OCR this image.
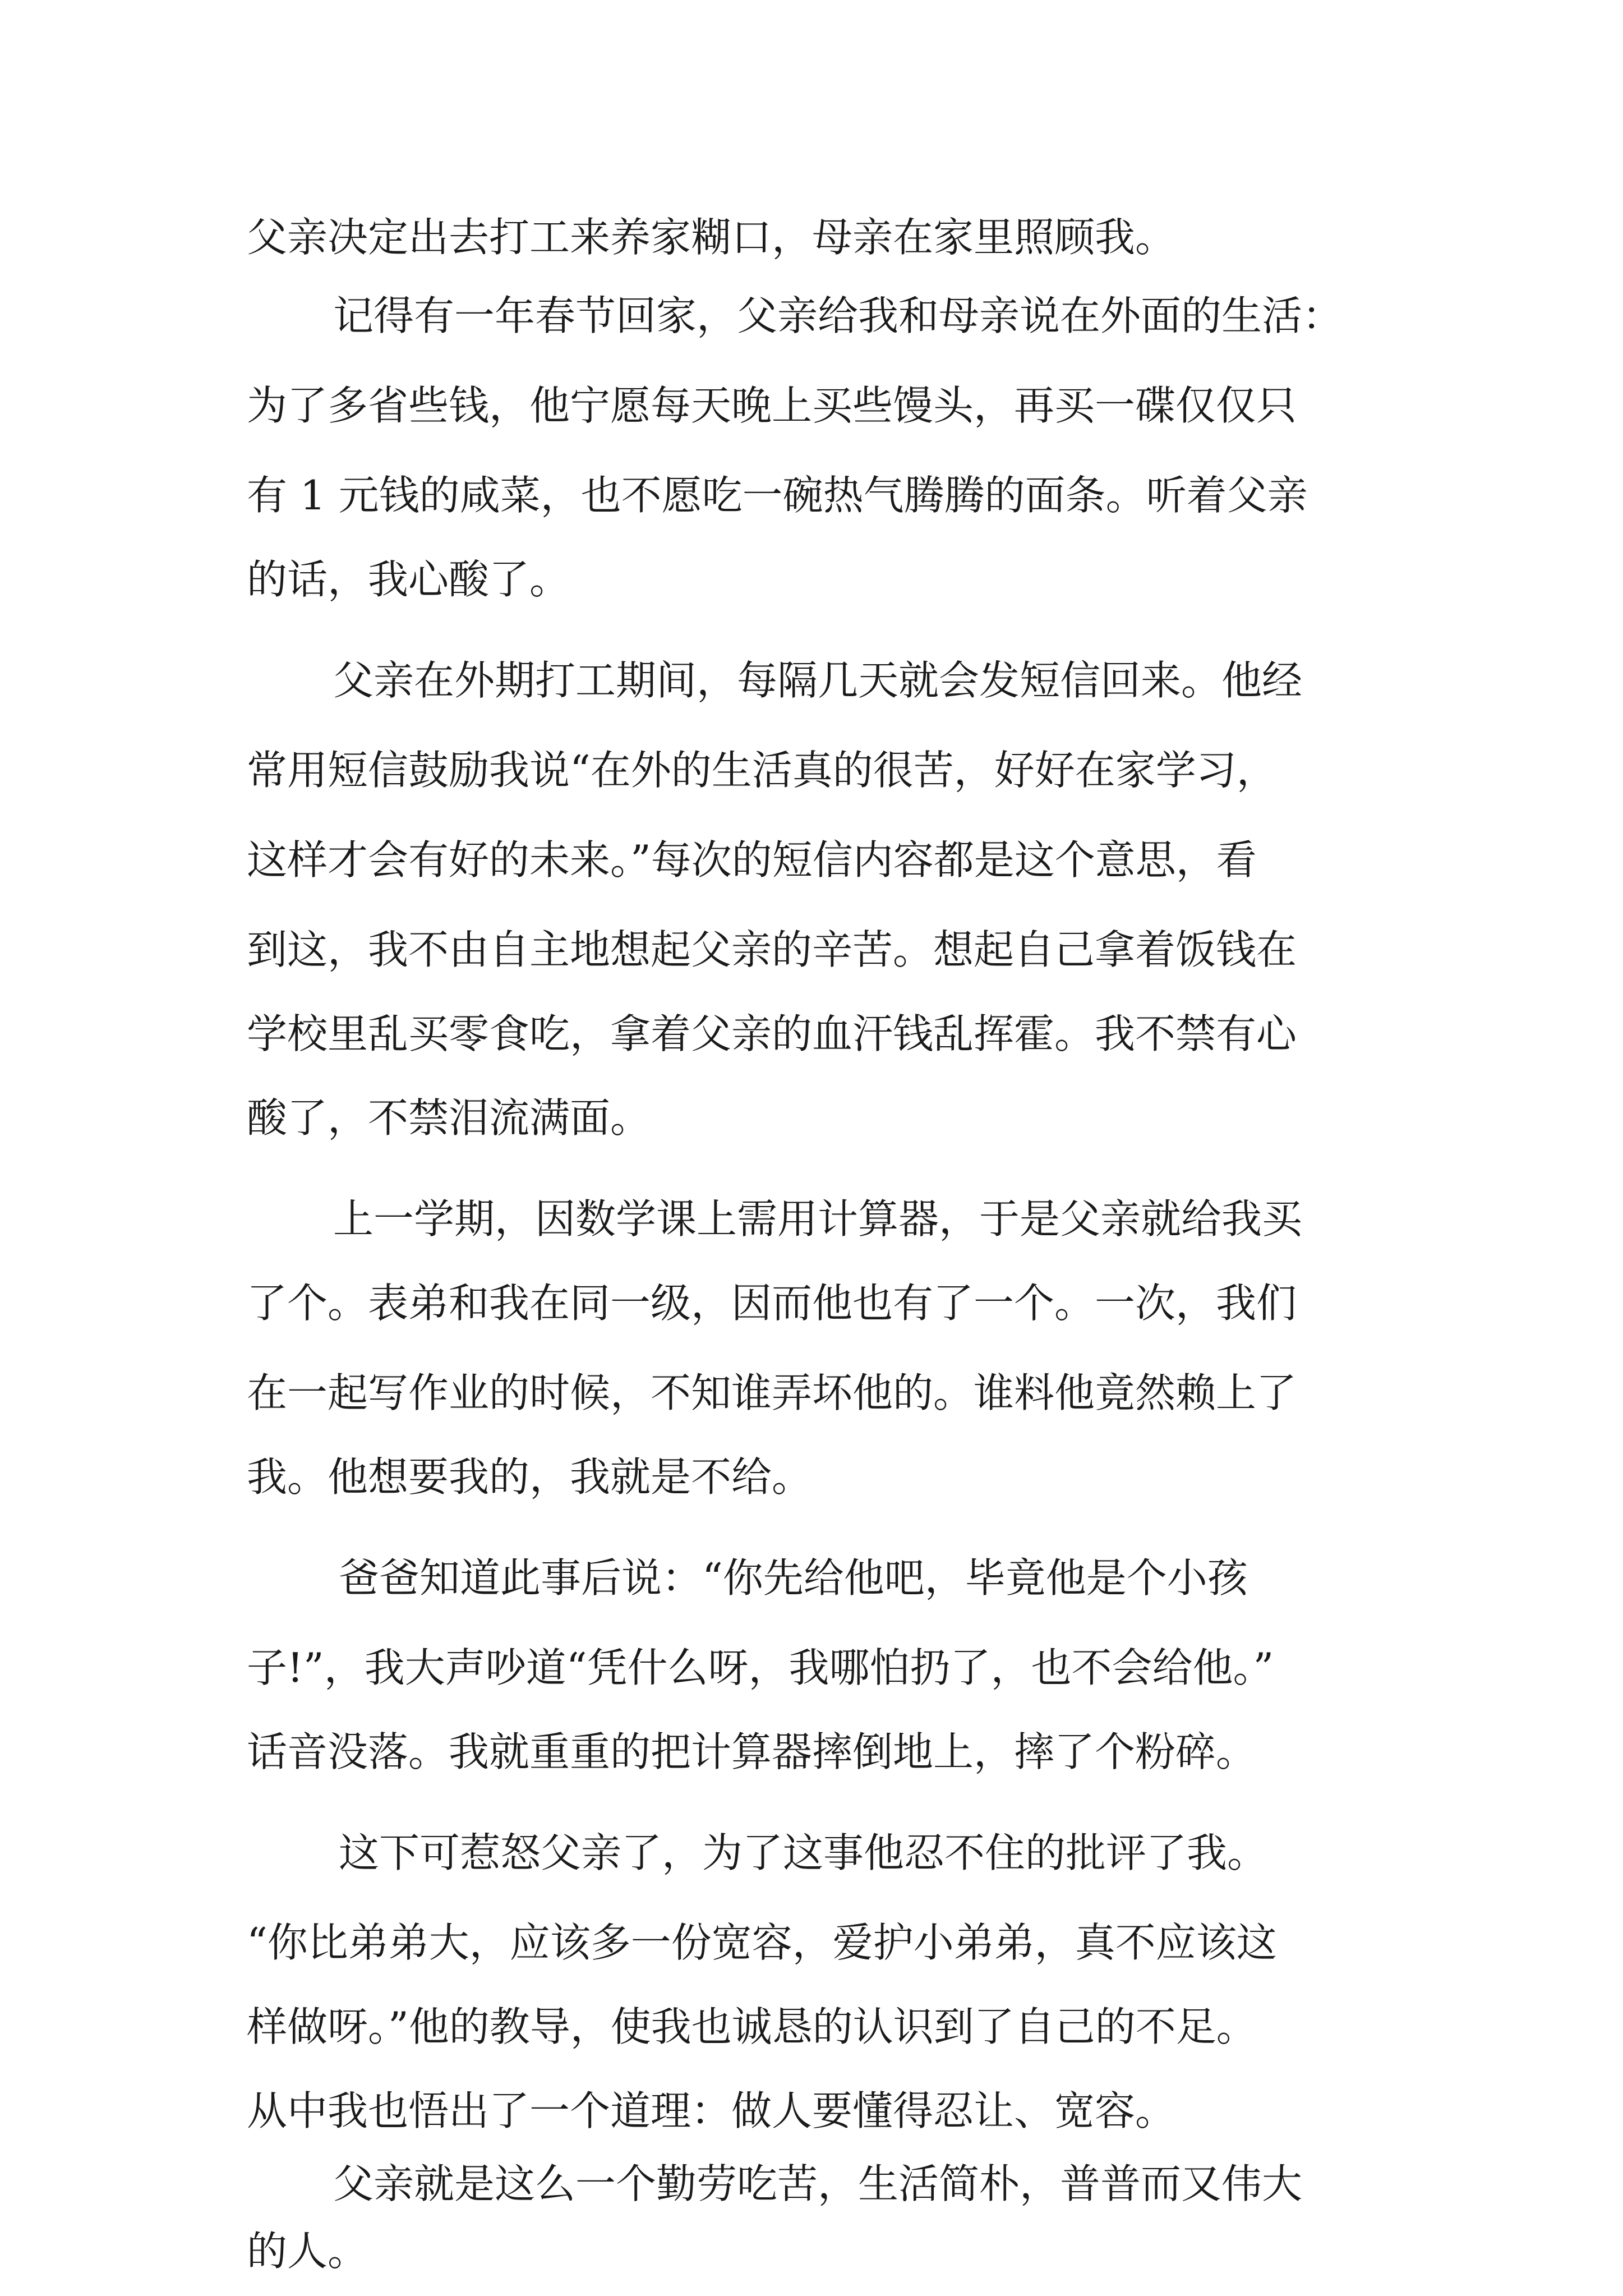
父亲决定出去打工来养家糊口，母亲在家里照顾我。

记得有一年春节回家，父亲给我和母亲说在外面的生活：

为了多省些钱，他宁愿每天晚上买些馒头，再买一碟仅仅只

有 1 元钱的咸菜，也不愿吃一碗热气腾腾的面条。听着父亲

的话，我心酸了。

父亲在外期打工期间，每隔几天就会发短信回来。他经

常用短信鼓励我说“在外的生活真的很苦，好好在家学习，

这样才会有好的未来。”每次的短信内容都是这个意思，看

到这，我不由自主地想起父亲的辛苦。想起自己拿着饭钱在

学校里乱买零食吃，拿着父亲的血汗钱乱挥霍。我不禁有心

酸了，不禁泪流满面。

上一学期，因数学课上需用计算器，于是父亲就给我买

了个。表弟和我在同一级，因而他也有了一个。一次，我们

在一起写作业的时候，不知谁弄坏他的。谁料他竟然赖上了

我。他想要我的，我就是不给。

爸爸知道此事后说：“你先给他吧，毕竟他是个小孩

子!”，我大声吵道“凭什么呀，我哪怕扔了，也不会给他。”

话音没落。我就重重的把计算器摔倒地上，摔了个粉碎。

这下可惹怒父亲了，为了这事他忍不住的批评了我。

“你比弟弟大，应该多一份宽容，爱护小弟弟，真不应该这

样做呀。”他的教导，使我也诚恳的认识到了自己的不足。

从中我也悟出了一个道理：做人要懂得忍让、宽容。

父亲就是这么一个勤劳吃苦，生活简朴，普普而又伟大

的人。
